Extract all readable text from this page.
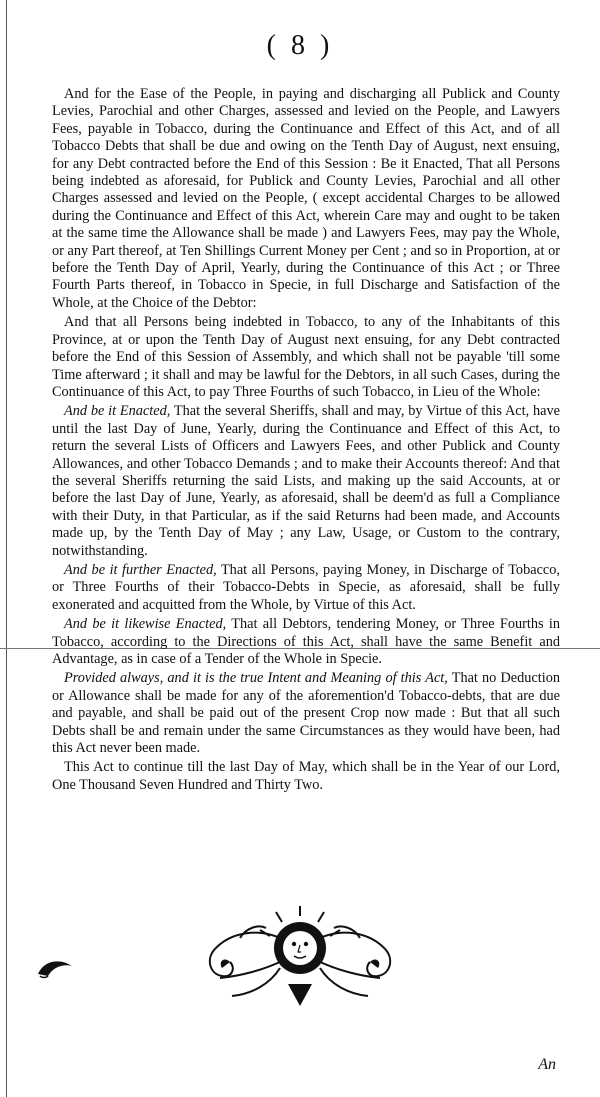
( 8 )

And for the Ease of the People, in paying and discharging all Publick and County Levies, Parochial and other Charges, assessed and levied on the People, and Lawyers Fees, payable in Tobacco, during the Continuance and Effect of this Act, and of all Tobacco Debts that shall be due and owing on the Tenth Day of August, next ensuing, for any Debt contracted before the End of this Session : Be it Enacted, That all Persons being indebted as aforesaid, for Publick and County Levies, Parochial and all other Charges assessed and levied on the People, ( except accidental Charges to be allowed during the Continuance and Effect of this Act, wherein Care may and ought to be taken at the same time the Allowance shall be made ) and Lawyers Fees, may pay the Whole, or any Part thereof, at Ten Shillings Current Money per Cent ; and so in Proportion, at or before the Tenth Day of April, Yearly, during the Continuance of this Act ; or Three Fourth Parts thereof, in Tobacco in Specie, in full Discharge and Satisfaction of the Whole, at the Choice of the Debtor:

And that all Persons being indebted in Tobacco, to any of the Inhabitants of this Province, at or upon the Tenth Day of August next ensuing, for any Debt contracted before the End of this Session of Assembly, and which shall not be payable 'till some Time afterward ; it shall and may be lawful for the Debtors, in all such Cases, during the Continuance of this Act, to pay Three Fourths of such Tobacco, in Lieu of the Whole:

And be it Enacted, That the several Sheriffs, shall and may, by Virtue of this Act, have until the last Day of June, Yearly, during the Continuance and Effect of this Act, to return the several Lists of Officers and Lawyers Fees, and other Publick and County Allowances, and other Tobacco Demands ; and to make their Accounts thereof: And that the several Sheriffs returning the said Lists, and making up the said Accounts, at or before the last Day of June, Yearly, as aforesaid, shall be deem'd as full a Compliance with their Duty, in that Particular, as if the said Returns had been made, and Accounts made up, by the Tenth Day of May ; any Law, Usage, or Custom to the contrary, notwithstanding.

And be it further Enacted, That all Persons, paying Money, in Discharge of Tobacco, or Three Fourths of their Tobacco-Debts in Specie, as aforesaid, shall be fully exonerated and acquitted from the Whole, by Virtue of this Act.

And be it likewise Enacted, That all Debtors, tendering Money, or Three Fourths in Tobacco, according to the Directions of this Act, shall have the same Benefit and Advantage, as in case of a Tender of the Whole in Specie.

Provided always, and it is the true Intent and Meaning of this Act, That no Deduction or Allowance shall be made for any of the aforemention'd Tobacco-debts, that are due and payable, and shall be paid out of the present Crop now made : But that all such Debts shall be and remain under the same Circumstances as they would have been, had this Act never been made.

This Act to continue till the last Day of May, which shall be in the Year of our Lord, One Thousand Seven Hundred and Thirty Two.

An
